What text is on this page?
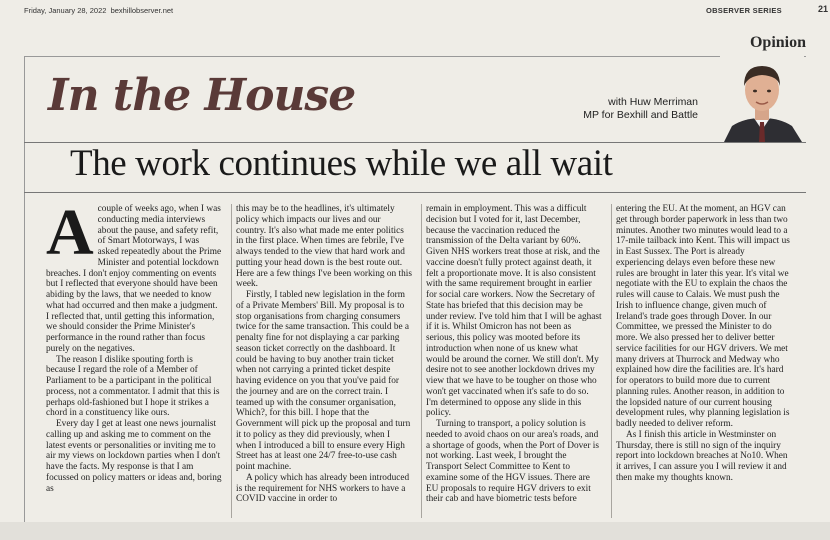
Friday, January 28, 2022 bexhillobserver.net	OBSERVER SERIES	21
Opinion
In the House	with Huw Merriman
MP for Bexhill and Battle
The work continues while we all wait

Acouple of weeks ago, when I was conducting media interviews about the pause, and safety refit, of Smart Motorways, I was asked repeatedly about the Prime Minister and potential lockdown breaches. I don't enjoy commenting on events but I reflected that everyone should have been abiding by the laws, that we needed to know what had occurred and then make a judgment. I reflected that, until getting this information, we should consider the Prime Minister's performance in the round rather than focus purely on the negatives.

The reason I dislike spouting forth is because I regard the role of a Member of Parliament to be a participant in the political process, not a commentator. I admit that this is perhaps old-fashioned but I hope it strikes a chord in a constituency like ours.

Every day I get at least one news journalist calling up and asking me to comment on the latest events or personalities or inviting me to air my views on lockdown parties when I don't have the facts. My response is that I am focussed on policy matters or ideas and, boring as

this may be to the headlines, it's ultimately policy which impacts our lives and our country. It's also what made me enter politics in the first place. When times are febrile, I've always tended to the view that hard work and putting your head down is the best route out. Here are a few things I've been working on this week.

Firstly, I tabled new legislation in the form of a Private Members' Bill. My proposal is to stop organisations from charging consumers twice for the same transaction. This could be a penalty fine for not displaying a car parking season ticket correctly on the dashboard. It could be having to buy another train ticket when not carrying a printed ticket despite having evidence on you that you've paid for the journey and are on the correct train. I teamed up with the consumer organisation, Which?, for this bill. I hope that the Government will pick up the proposal and turn it to policy as they did previously, when I when I introduced a bill to ensure every High Street has at least one 24/7 free-to-use cash point machine.

A policy which has already been introduced is the requirement for NHS workers to have a COVID vaccine in order to

remain in employment. This was a difficult decision but I voted for it, last December, because the vaccination reduced the transmission of the Delta variant by 60%. Given NHS workers treat those at risk, and the vaccine doesn't fully protect against death, it felt a proportionate move. It is also consistent with the same requirement brought in earlier for social care workers. Now the Secretary of State has briefed that this decision may be under review. I've told him that I will be aghast if it is. Whilst Omicron has not been as serious, this policy was mooted before its introduction when none of us knew what would be around the corner. We still don't. My desire not to see another lockdown drives my view that we have to be tougher on those who won't get vaccinated when it's safe to do so. I'm determined to oppose any slide in this policy.

Turning to transport, a policy solution is needed to avoid chaos on our area's roads, and a shortage of goods, when the Port of Dover is not working. Last week, I brought the Transport Select Committee to Kent to examine some of the HGV issues. There are EU proposals to require HGV drivers to exit their cab and have biometric tests before

entering the EU. At the moment, an HGV can get through border paperwork in less than two minutes. Another two minutes would lead to a 17-mile tailback into Kent. This will impact us in East Sussex. The Port is already experiencing delays even before these new rules are brought in later this year. It's vital we negotiate with the EU to explain the chaos the rules will cause to Calais. We must push the Irish to influence change, given much of Ireland's trade goes through Dover. In our Committee, we pressed the Minister to do more. We also pressed her to deliver better service facilities for our HGV drivers. We met many drivers at Thurrock and Medway who explained how dire the facilities are. It's hard for operators to build more due to current planning rules. Another reason, in addition to the lopsided nature of our current housing development rules, why planning legislation is badly needed to deliver reform.

As I finish this article in Westminster on Thursday, there is still no sign of the inquiry report into lockdown breaches at No10. When it arrives, I can assure you I will review it and then make my thoughts known.
